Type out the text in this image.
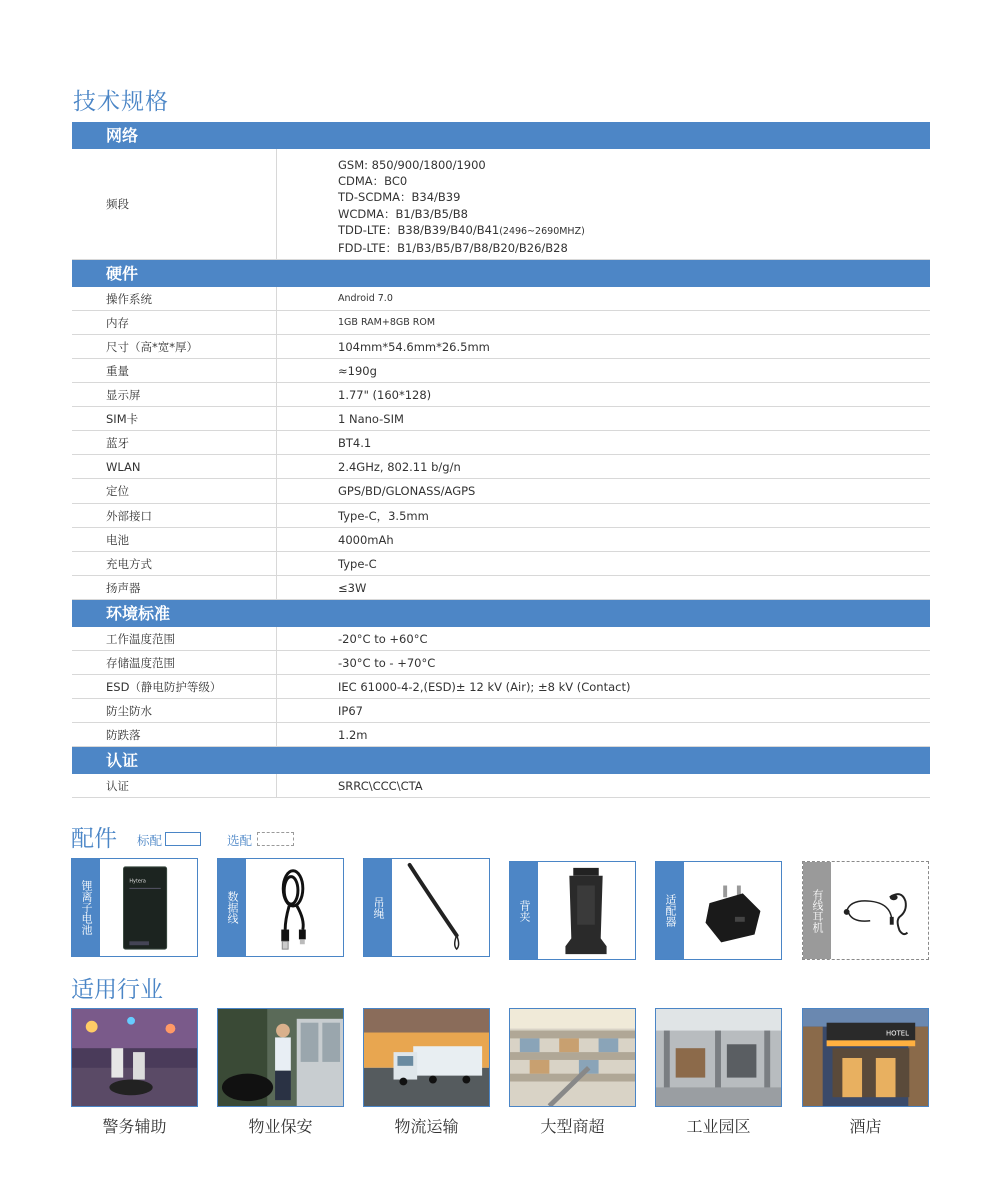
技术规格
网络
频段
GSM: 850/900/1800/1900
CDMA：BC0
TD-SCDMA：B34/B39
WCDMA：B1/B3/B5/B8
TDD-LTE：B38/B39/B40/B41(2496~2690MHZ)
FDD-LTE：B1/B3/B5/B7/B8/B20/B26/B28
硬件
操作系统	Android 7.0
内存	1GB RAM+8GB ROM
尺寸（高*宽*厚）	104mm*54.6mm*26.5mm
重量	≈190g
显示屏	1.77" (160*128)
SIM卡	1 Nano-SIM
蓝牙	BT4.1
WLAN	2.4GHz, 802.11 b/g/n
定位	GPS/BD/GLONASS/AGPS
外部接口	Type-C，3.5mm
电池	4000mAh
充电方式	Type-C
扬声器	≤3W
环境标准
工作温度范围	-20°C to +60°C
存储温度范围	-30°C to - +70°C
ESD（静电防护等级）	IEC 61000-4-2,(ESD)± 12 kV (Air); ±8 kV (Contact)
防尘防水	IP67
防跌落	1.2m
认证
认证	SRRC\CCC\CTA
配件 标配	选配
锂离子电池	Hytera
数据线	吊绳	背夹	适配器	有线耳机
适用行业
警务辅助	物业保安	物流运输	大型商超	工业园区
HOTEL
酒店
